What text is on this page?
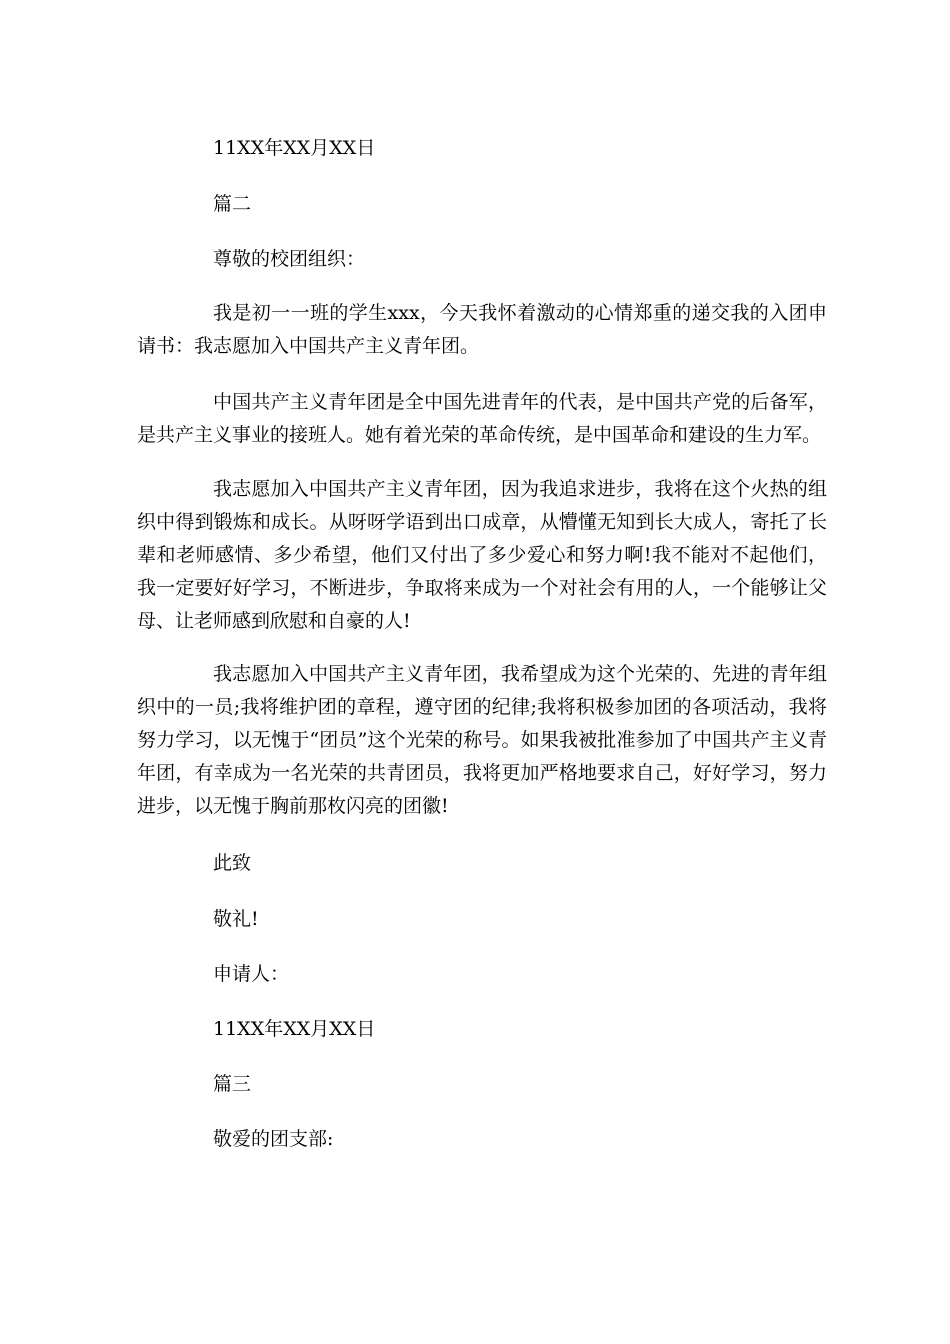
11XX年XX月XX日

篇二

尊敬的校团组织：

我是初一一班的学生xxx，今天我怀着激动的心情郑重的递交我的入团申请书：我志愿加入中国共产主义青年团。

中国共产主义青年团是全中国先进青年的代表，是中国共产党的后备军，是共产主义事业的接班人。她有着光荣的革命传统，是中国革命和建设的生力军。

我志愿加入中国共产主义青年团，因为我追求进步，我将在这个火热的组织中得到锻炼和成长。从呀呀学语到出口成章，从懵懂无知到长大成人，寄托了长辈和老师感情、多少希望，他们又付出了多少爱心和努力啊!我不能对不起他们，我一定要好好学习，不断进步，争取将来成为一个对社会有用的人，一个能够让父母、让老师感到欣慰和自豪的人!

我志愿加入中国共产主义青年团，我希望成为这个光荣的、先进的青年组织中的一员;我将维护团的章程，遵守团的纪律;我将积极参加团的各项活动，我将努力学习，以无愧于“团员”这个光荣的称号。如果我被批准参加了中国共产主义青年团，有幸成为一名光荣的共青团员，我将更加严格地要求自己，好好学习，努力进步，以无愧于胸前那枚闪亮的团徽!

此致

敬礼!

申请人：

11XX年XX月XX日

篇三

敬爱的团支部:
